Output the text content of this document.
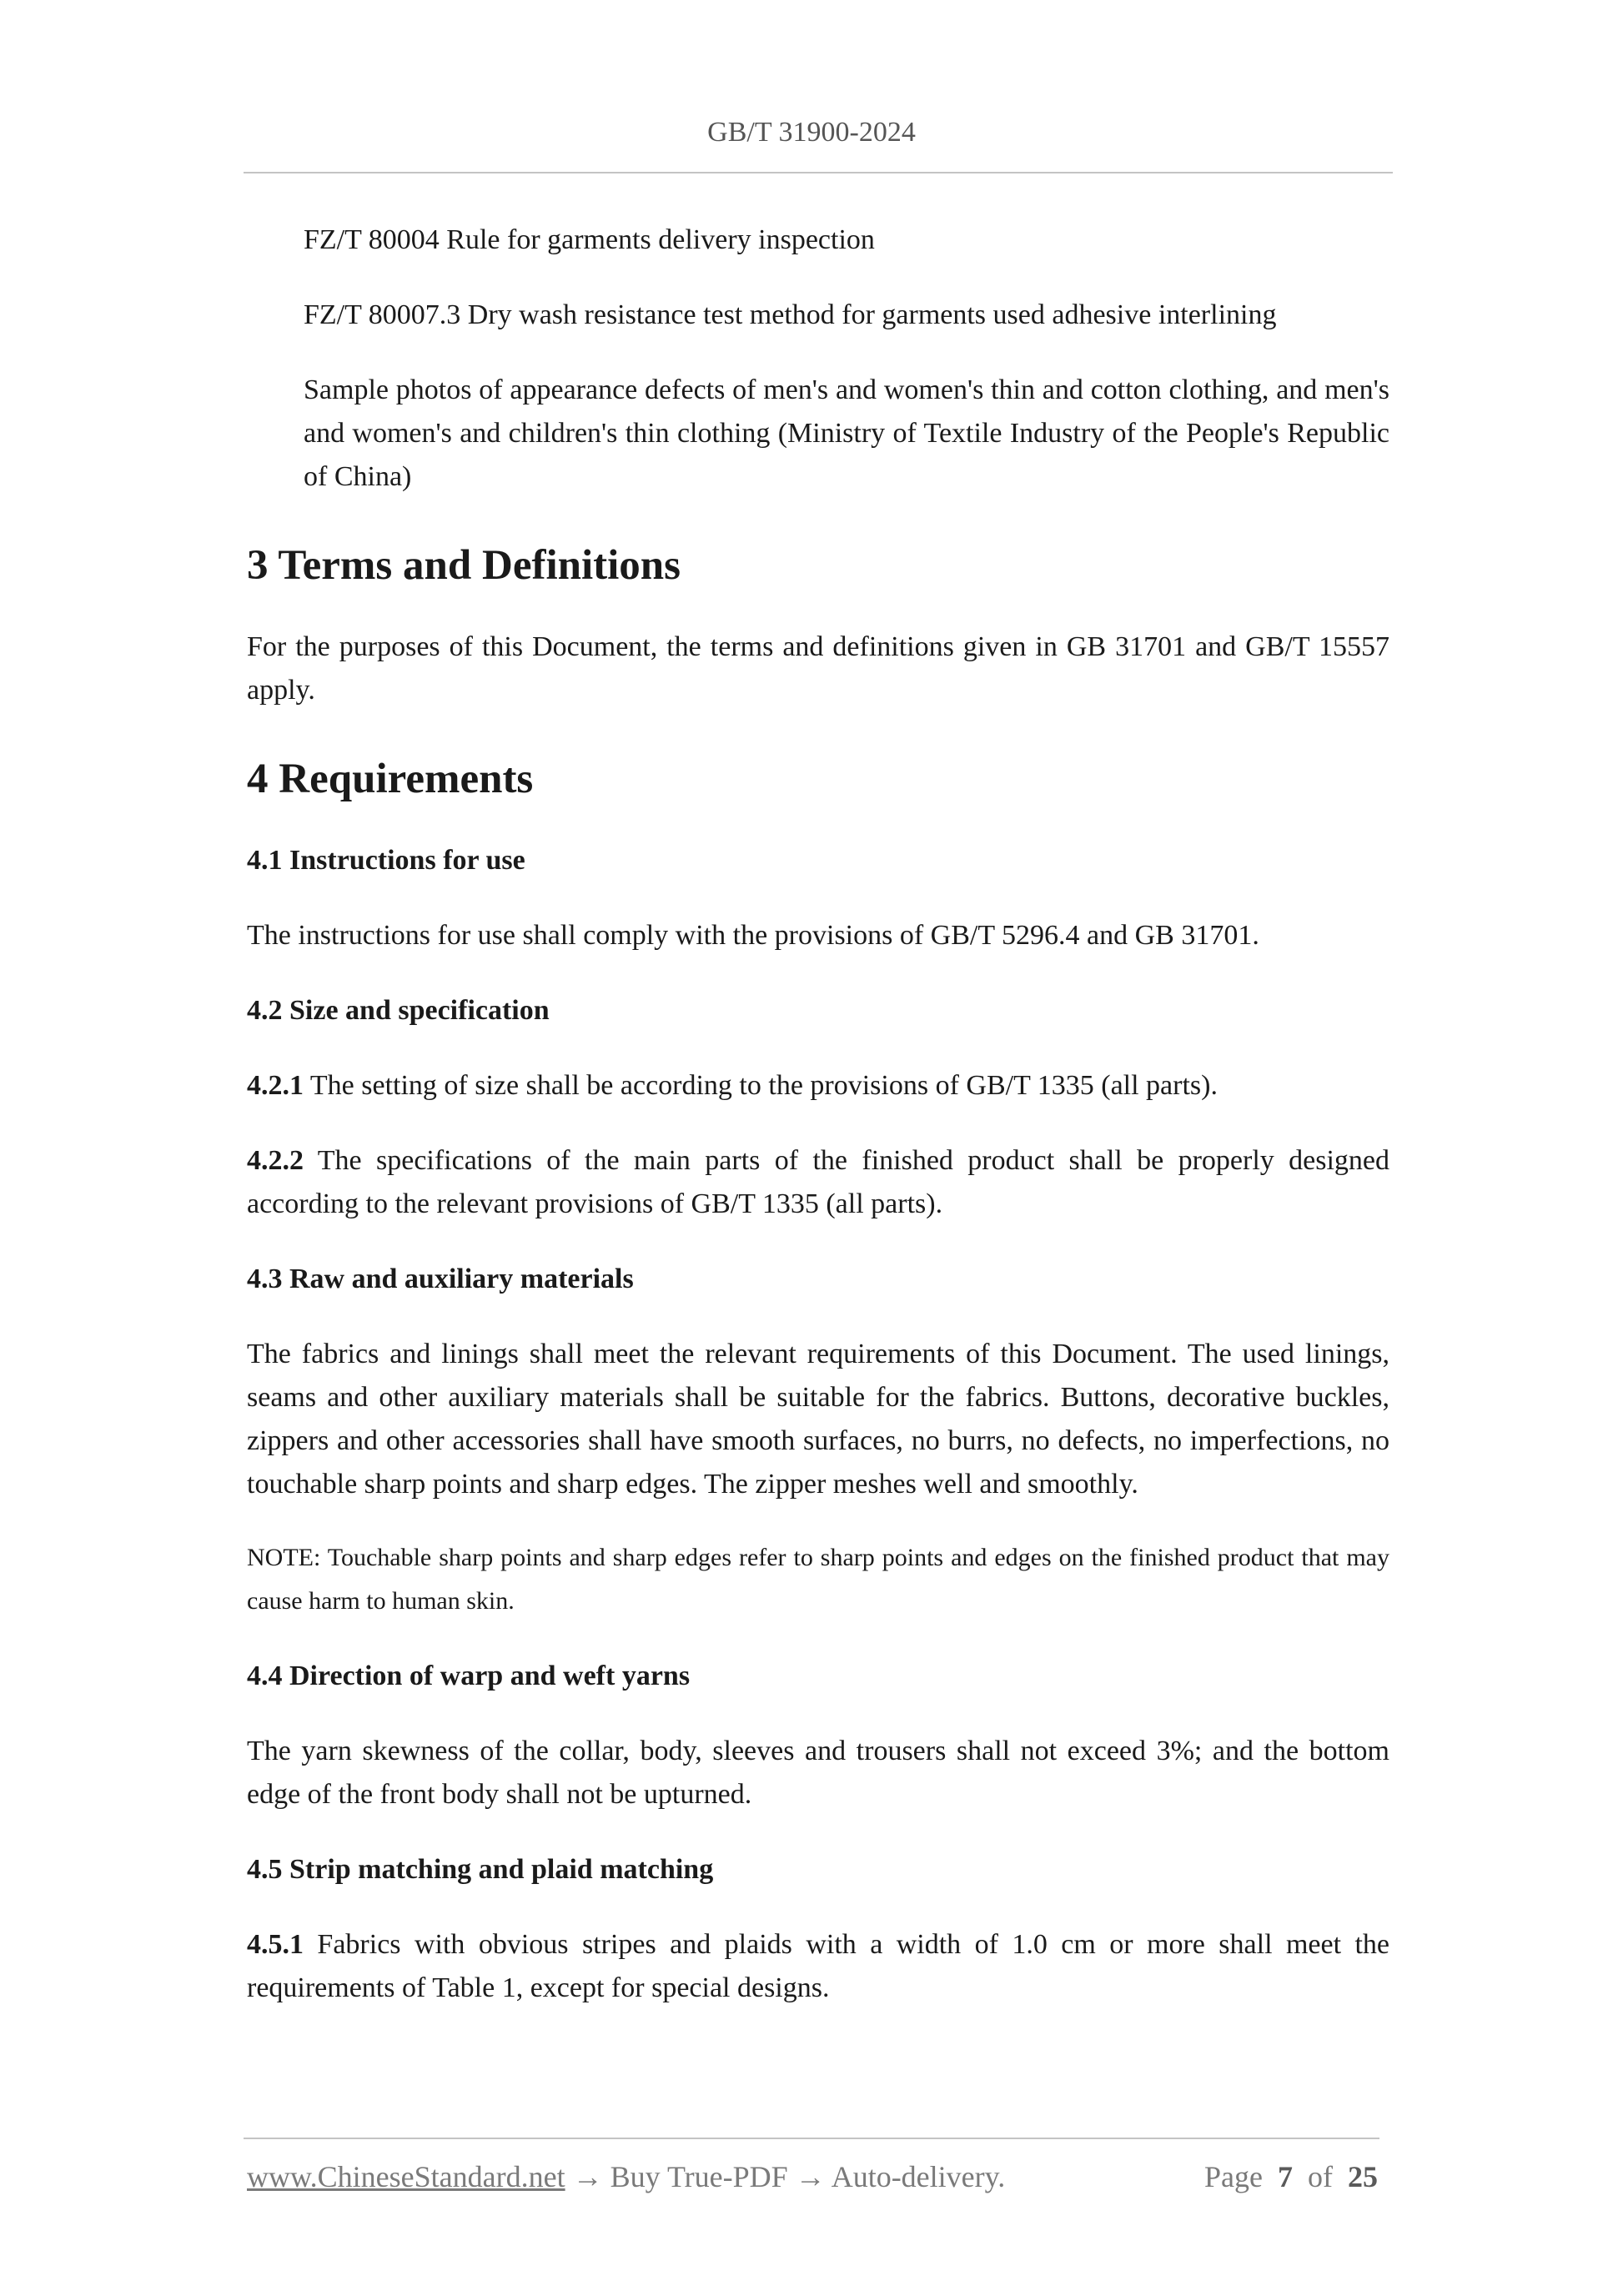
GB/T 31900-2024

FZ/T 80004 Rule for garments delivery inspection

FZ/T 80007.3 Dry wash resistance test method for garments used adhesive interlining

Sample photos of appearance defects of men's and women's thin and cotton clothing, and men's and women's and children's thin clothing (Ministry of Textile Industry of the People's Republic of China)

3 Terms and Definitions

For the purposes of this Document, the terms and definitions given in GB 31701 and GB/T 15557 apply.

4 Requirements
4.1 Instructions for use

The instructions for use shall comply with the provisions of GB/T 5296.4 and GB 31701.

4.2 Size and specification

4.2.1 The setting of size shall be according to the provisions of GB/T 1335 (all parts).

4.2.2 The specifications of the main parts of the finished product shall be properly designed according to the relevant provisions of GB/T 1335 (all parts).

4.3 Raw and auxiliary materials

The fabrics and linings shall meet the relevant requirements of this Document. The used linings, seams and other auxiliary materials shall be suitable for the fabrics. Buttons, decorative buckles, zippers and other accessories shall have smooth surfaces, no burrs, no defects, no imperfections, no touchable sharp points and sharp edges. The zipper meshes well and smoothly.

NOTE: Touchable sharp points and sharp edges refer to sharp points and edges on the finished product that may cause harm to human skin.

4.4 Direction of warp and weft yarns

The yarn skewness of the collar, body, sleeves and trousers shall not exceed 3%; and the bottom edge of the front body shall not be upturned.

4.5 Strip matching and plaid matching

4.5.1 Fabrics with obvious stripes and plaids with a width of 1.0 cm or more shall meet the requirements of Table 1, except for special designs.

www.ChineseStandard.net → Buy True-PDF → Auto-delivery.	Page 7 of 25
